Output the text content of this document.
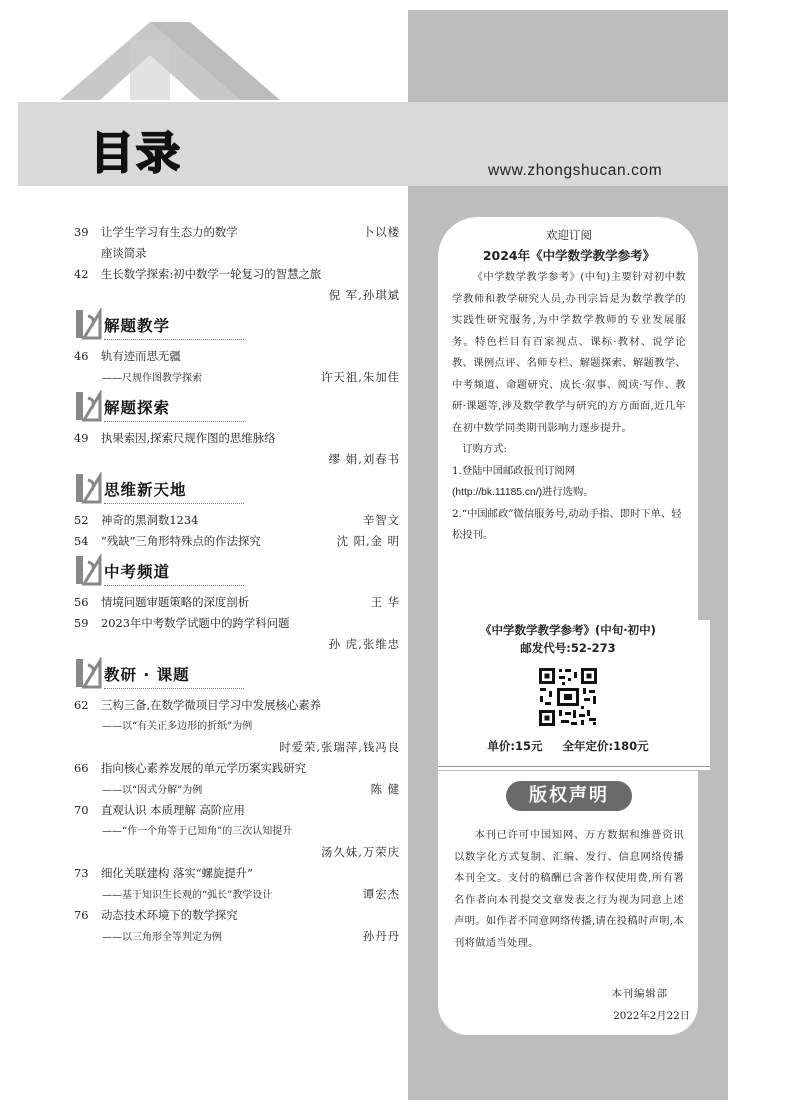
目录	www.zhongshucan.com
39	让学生学习有生态力的数学	卜以楼
座谈简录
42	生长数学探索:初中数学一轮复习的智慧之旅
倪 军,孙琪斌
解题教学
46	轨有迹而思无疆
——尺规作图教学探索	许天祖,朱加佳
解题探索
49	执果索因,探索尺规作图的思维脉络
缪 娟,刘春书
思维新天地
52	神奇的黑洞数1234	辛智文
54	“残缺”三角形特殊点的作法探究	沈 阳,金 明
中考频道
56	情境问题审题策略的深度剖析	王 华
59	2023年中考数学试题中的跨学科问题
孙 虎,张维忠
教研 · 课题
62	三构三备,在数学微项目学习中发展核心素养
——以“有关正多边形的折纸”为例
时爱荣,张瑞萍,钱冯良
66	指向核心素养发展的单元学历案实践研究
——以“因式分解”为例	陈 健
70	直观认识 本质理解 高阶应用
——“作一个角等于已知角”的三次认知提升
汤久妹,万荣庆
73	细化关联建构 落实“螺旋提升”
——基于知识生长观的“弧长”教学设计	谭宏杰
76	动态技术环境下的数学探究
——以三角形全等判定为例	孙丹丹
欢迎订阅
2024年《中学数学教学参考》
《中学数学教学参考》(中旬)主要针对初中数学教师和教学研究人员,办刊宗旨是为数学教学的实践性研究服务,为中学数学教师的专业发展服务。特色栏目有百家视点、课标·教材、说学论教、课例点评、名师专栏、解题探索、解题教学、中考频道、命题研究、成长·叙事、阅读·写作、教研·课题等,涉及数学教学与研究的方方面面,近几年在初中数学同类期刊影响力逐步提升。
订购方式:
1.登陆中国邮政报刊订阅网
(http://bk.11185.cn/)进行选购。
2.“中国邮政”微信服务号,动动手指、即时下单、轻松投刊。
《中学数学教学参考》(中旬·初中)
邮发代号:52-273
单价:15元 全年定价:180元
版权声明
本刊已许可中国知网、万方数据和维普资讯以数字化方式复制、汇编、发行、信息网络传播本刊全文。支付的稿酬已含著作权使用费,所有署名作者向本刊提交文章发表之行为视为同意上述声明。如作者不同意网络传播,请在投稿时声明,本刊将做适当处理。
本刊编辑部
2022年2月22日
